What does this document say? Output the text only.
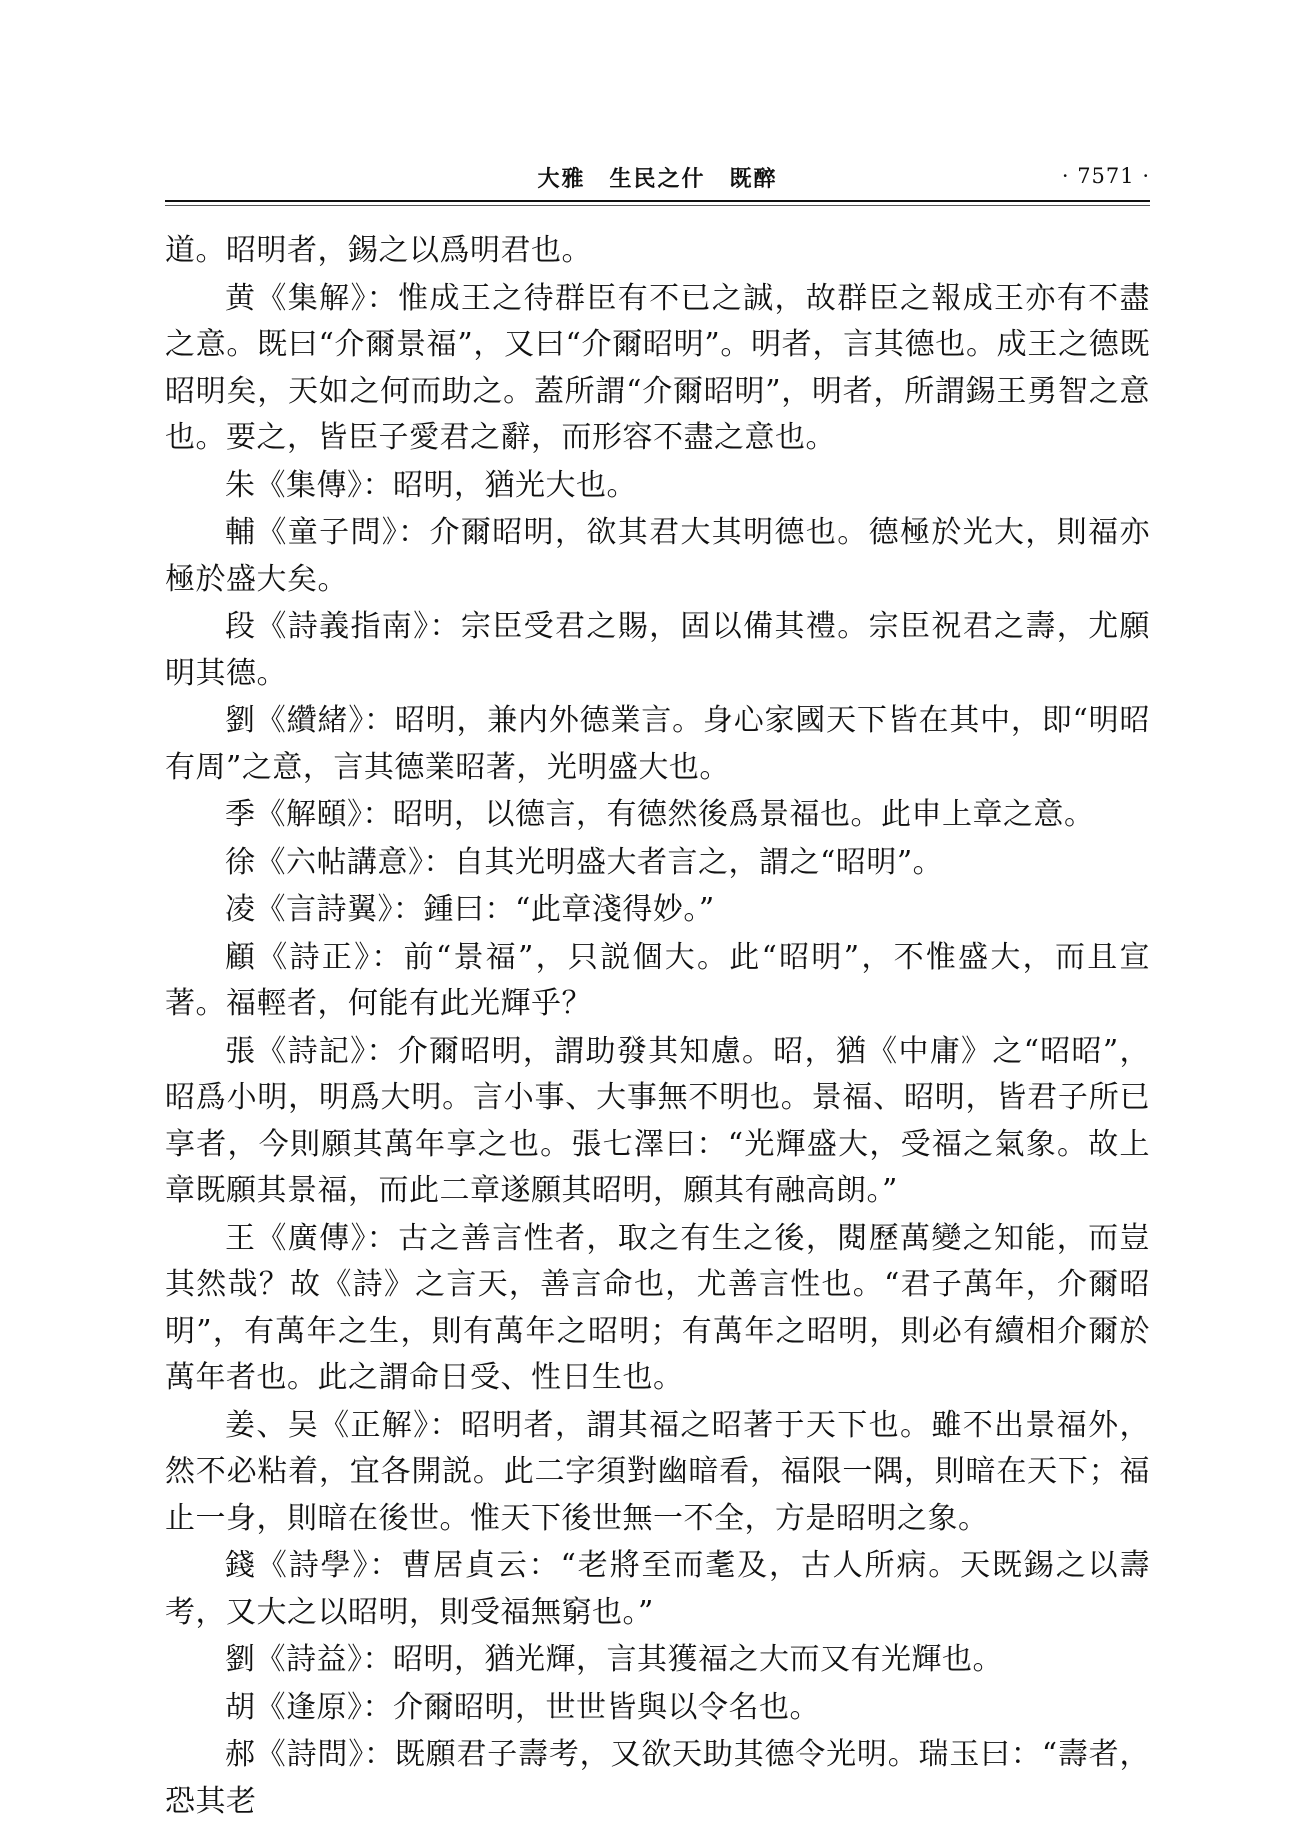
大雅　生民之什　既醉	· 7571 ·

道。昭明者，錫之以爲明君也。

黄《集解》：惟成王之待群臣有不已之誠，故群臣之報成王亦有不盡之意。既曰“介爾景福”，又曰“介爾昭明”。明者，言其德也。成王之德既昭明矣，天如之何而助之。蓋所謂“介爾昭明”，明者，所謂錫王勇智之意也。要之，皆臣子愛君之辭，而形容不盡之意也。

朱《集傳》：昭明，猶光大也。

輔《童子問》：介爾昭明，欲其君大其明德也。德極於光大，則福亦極於盛大矣。

段《詩義指南》：宗臣受君之賜，固以備其禮。宗臣祝君之壽，尤願明其德。

劉《纘緒》：昭明，兼内外德業言。身心家國天下皆在其中，即“明昭有周”之意，言其德業昭著，光明盛大也。

季《解頤》：昭明，以德言，有德然後爲景福也。此申上章之意。

徐《六帖講意》：自其光明盛大者言之，謂之“昭明”。

凌《言詩翼》：鍾曰：“此章淺得妙。”

顧《詩正》：前“景福”，只説個大。此“昭明”，不惟盛大，而且宣著。福輕者，何能有此光輝乎？

張《詩記》：介爾昭明，謂助發其知慮。昭，猶《中庸》之“昭昭”，昭爲小明，明爲大明。言小事、大事無不明也。景福、昭明，皆君子所已享者，今則願其萬年享之也。張七澤曰：“光輝盛大，受福之氣象。故上章既願其景福，而此二章遂願其昭明，願其有融高朗。”

王《廣傳》：古之善言性者，取之有生之後，閱歷萬變之知能，而豈其然哉？故《詩》之言天，善言命也，尤善言性也。“君子萬年，介爾昭明”，有萬年之生，則有萬年之昭明；有萬年之昭明，則必有續相介爾於萬年者也。此之謂命日受、性日生也。

姜、吴《正解》：昭明者，謂其福之昭著于天下也。雖不出景福外，然不必粘着，宜各開説。此二字須對幽暗看，福限一隅，則暗在天下；福止一身，則暗在後世。惟天下後世無一不全，方是昭明之象。

錢《詩學》：曹居貞云：“老將至而耄及，古人所病。天既錫之以壽考，又大之以昭明，則受福無窮也。”

劉《詩益》：昭明，猶光輝，言其獲福之大而又有光輝也。

胡《逢原》：介爾昭明，世世皆與以令名也。

郝《詩問》：既願君子壽考，又欲天助其德令光明。瑞玉曰：“壽者，恐其老
